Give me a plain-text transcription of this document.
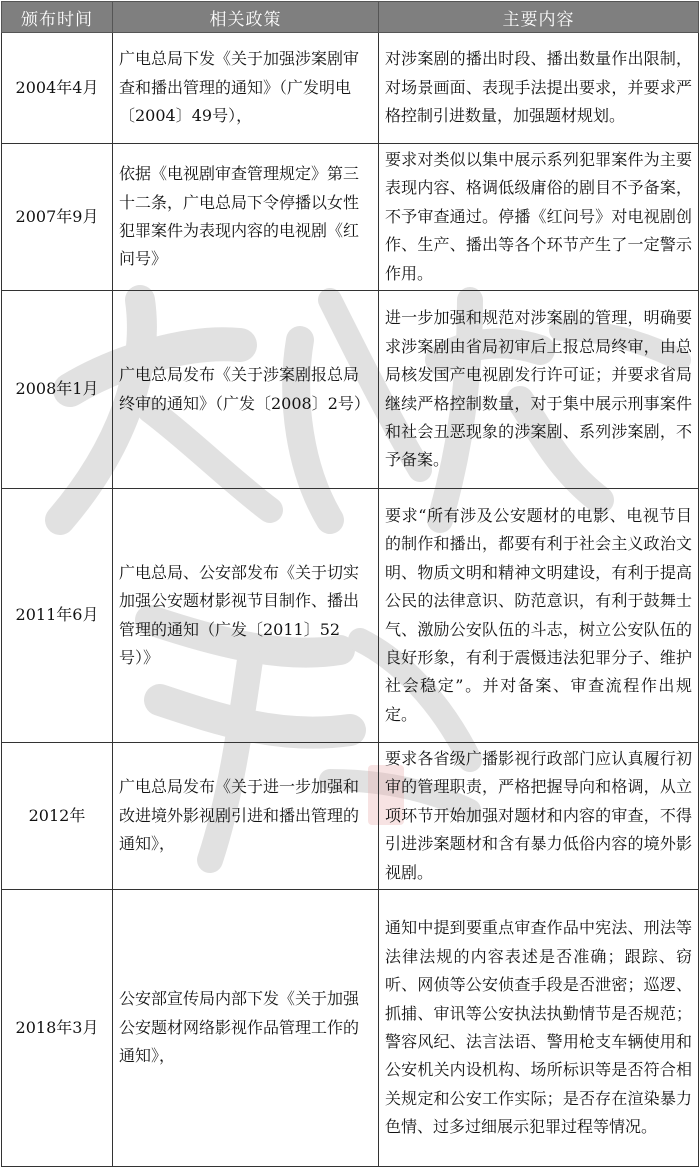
颁布时间	相关政策	主要内容
2004年4月	广电总局下发《关于加强涉案剧审查和播出管理的通知》（广发明电〔2004〕49号），	对涉案剧的播出时段、播出数量作出限制，对场景画面、表现手法提出要求，并要求严格控制引进数量，加强题材规划。
2007年9月	依据《电视剧审查管理规定》第三十二条，广电总局下令停播以女性犯罪案件为表现内容的电视剧《红问号》	要求对类似以集中展示系列犯罪案件为主要表现内容、格调低级庸俗的剧目不予备案，不予审查通过。停播《红问号》对电视剧创作、生产、播出等各个环节产生了一定警示作用。
2008年1月	广电总局发布《关于涉案剧报总局终审的通知》（广发〔2008〕2号）	进一步加强和规范对涉案剧的管理，明确要求涉案剧由省局初审后上报总局终审，由总局核发国产电视剧发行许可证；并要求省局继续严格控制数量，对于集中展示刑事案件和社会丑恶现象的涉案剧、系列涉案剧，不予备案。
2011年6月	广电总局、公安部发布《关于切实加强公安题材影视节目制作、播出管理的通知（广发〔2011〕52号）》	要求“所有涉及公安题材的电影、电视节目的制作和播出，都要有利于社会主义政治文明、物质文明和精神文明建设，有利于提高公民的法律意识、防范意识，有利于鼓舞士气、激励公安队伍的斗志，树立公安队伍的良好形象，有利于震慑违法犯罪分子、维护社会稳定”。并对备案、审查流程作出规定。
2012年	广电总局发布《关于进一步加强和改进境外影视剧引进和播出管理的通知》，	要求各省级广播影视行政部门应认真履行初审的管理职责，严格把握导向和格调，从立项环节开始加强对题材和内容的审查，不得引进涉案题材和含有暴力低俗内容的境外影视剧。
2018年3月	公安部宣传局内部下发《关于加强公安题材网络影视作品管理工作的通知》，	通知中提到要重点审查作品中宪法、刑法等法律法规的内容表述是否准确；跟踪、窃听、网侦等公安侦查手段是否泄密；巡逻、抓捕、审讯等公安执法执勤情节是否规范；警容风纪、法言法语、警用枪支车辆使用和公安机关内设机构、场所标识等是否符合相关规定和公安工作实际；是否存在渲染暴力色情、过多过细展示犯罪过程等情况。
